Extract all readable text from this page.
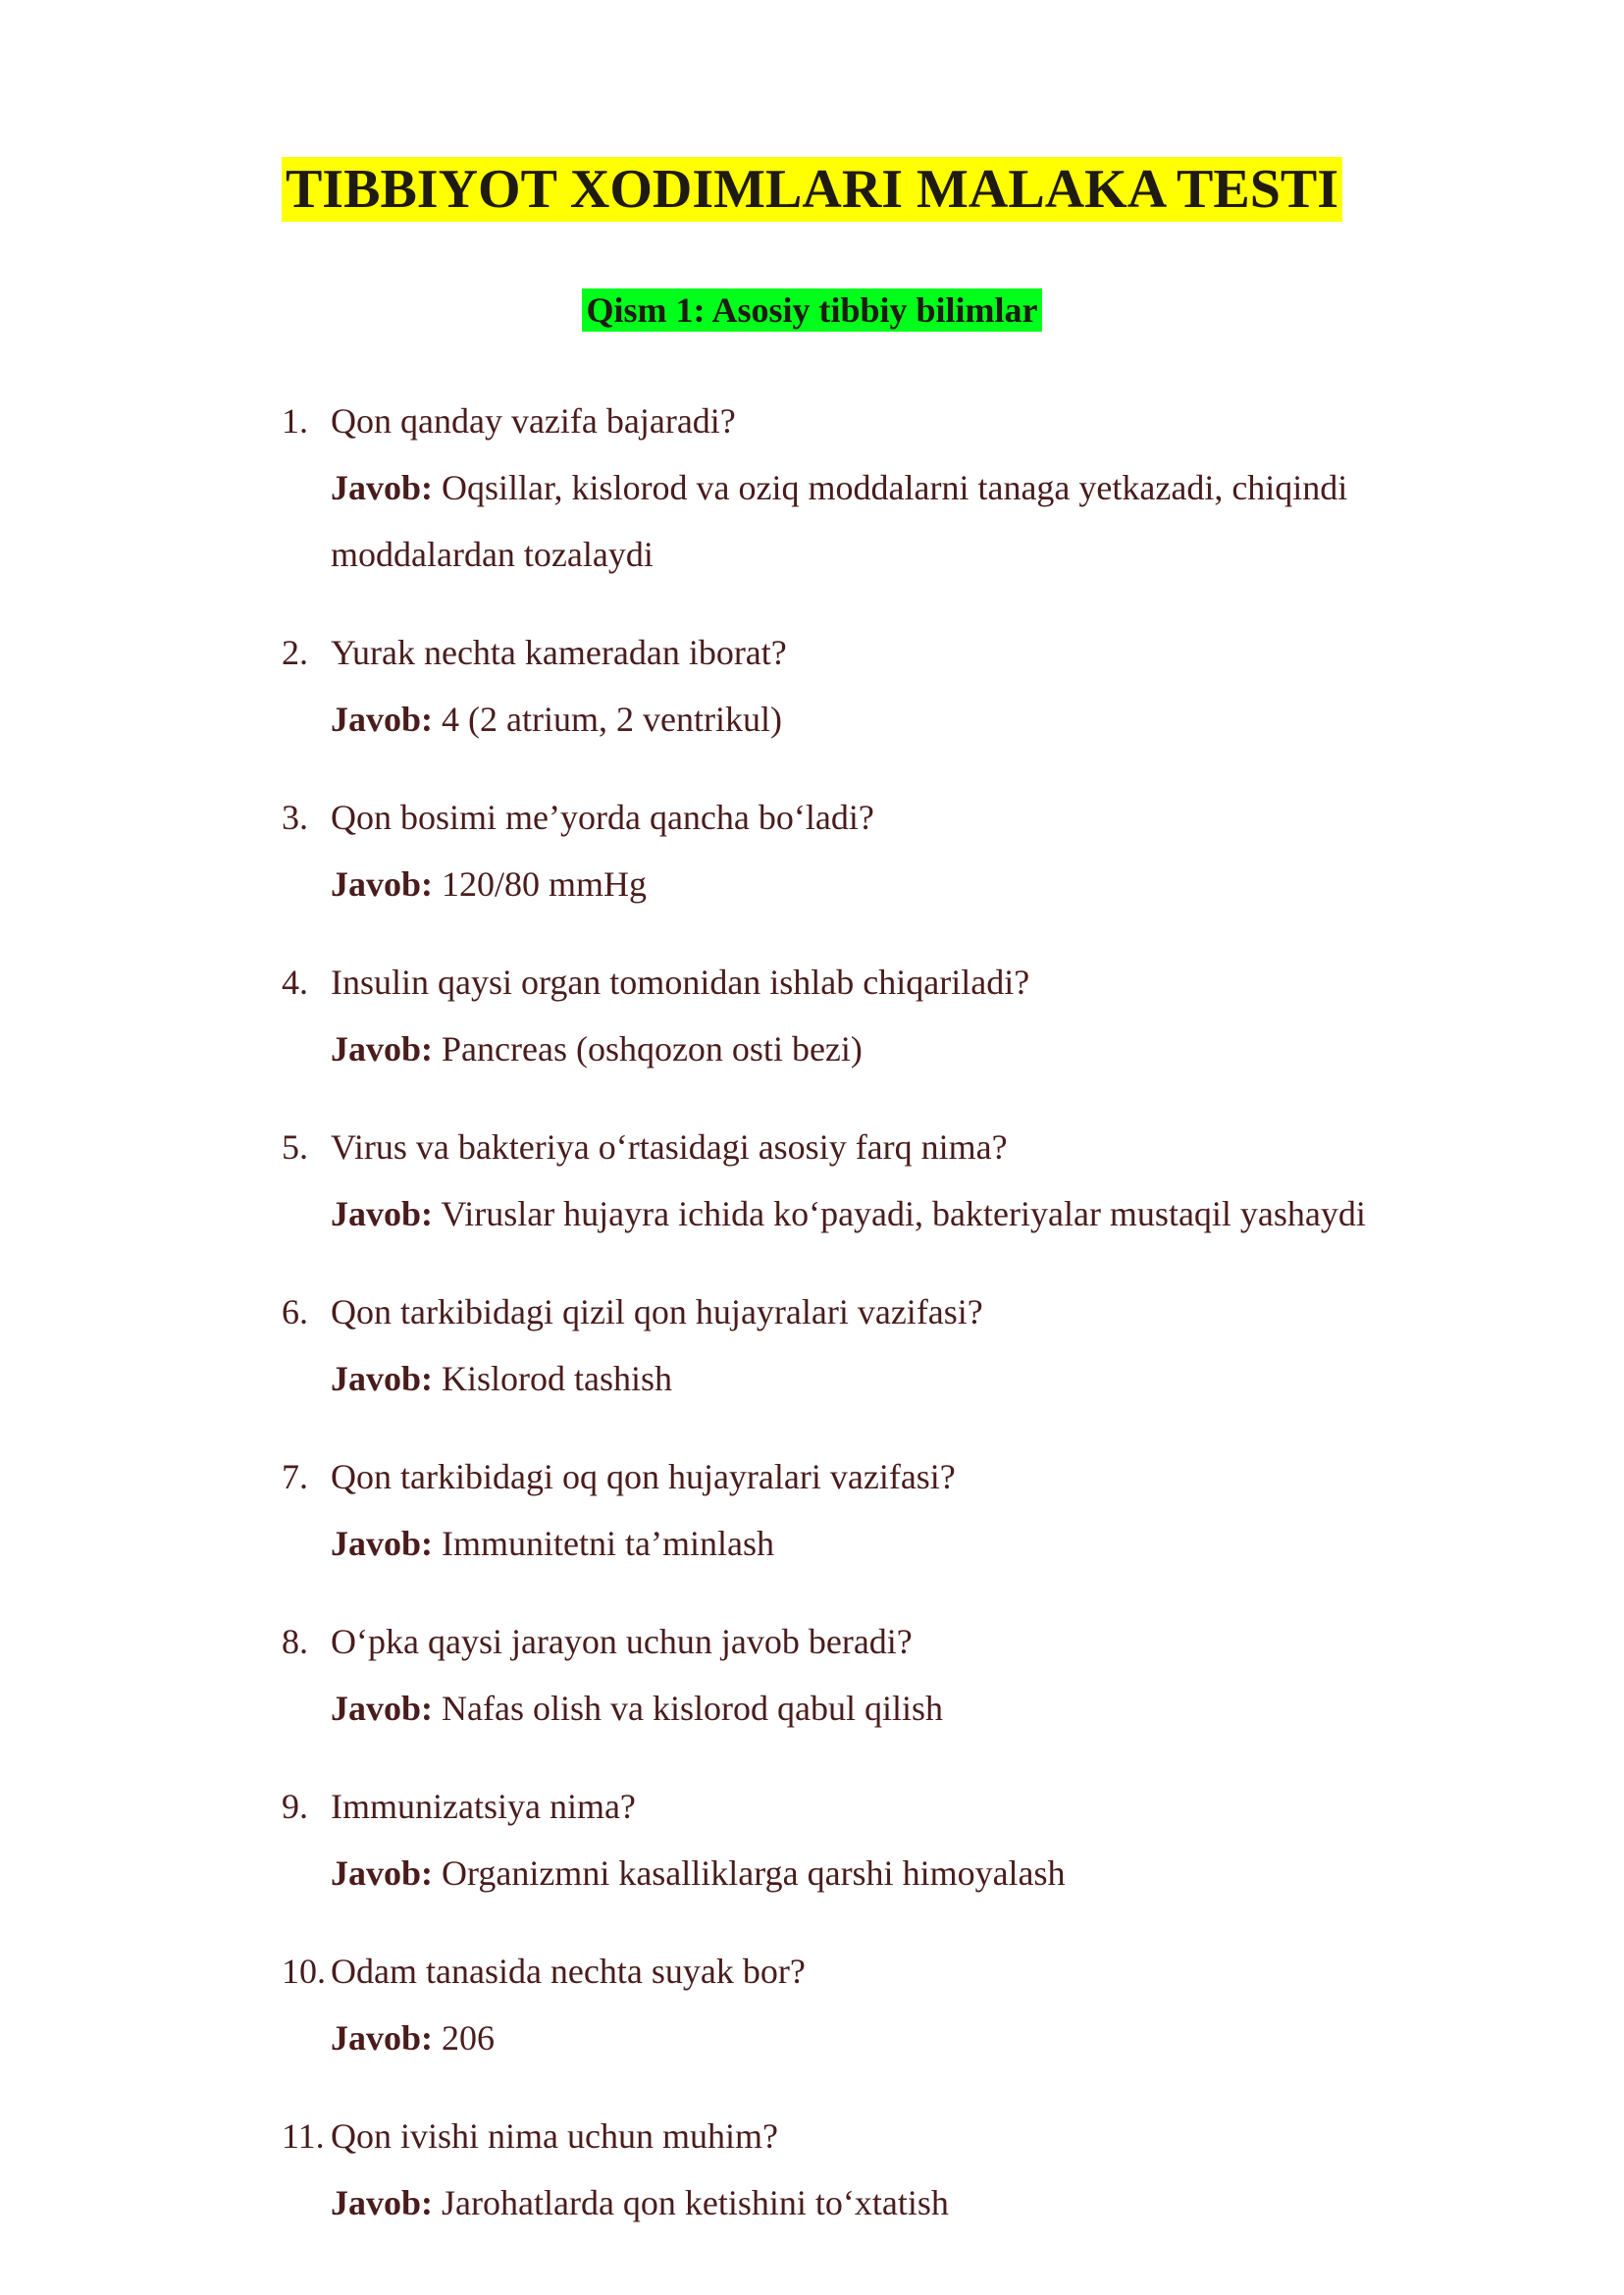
TIBBIYOT XODIMLARI MALAKA TESTI
Qism 1: Asosiy tibbiy bilimlar
1. Qon qanday vazifa bajaradi?
Javob: Oqsillar, kislorod va oziq moddalarni tanaga yetkazadi, chiqindi moddalardan tozalaydi
2. Yurak nechta kameradan iborat?
Javob: 4 (2 atrium, 2 ventrikul)
3. Qon bosimi me’yorda qancha bo‘ladi?
Javob: 120/80 mmHg
4. Insulin qaysi organ tomonidan ishlab chiqariladi?
Javob: Pancreas (oshqozon osti bezi)
5. Virus va bakteriya o‘rtasidagi asosiy farq nima?
Javob: Viruslar hujayra ichida ko‘payadi, bakteriyalar mustaqil yashaydi
6. Qon tarkibidagi qizil qon hujayralari vazifasi?
Javob: Kislorod tashish
7. Qon tarkibidagi oq qon hujayralari vazifasi?
Javob: Immunitetni ta’minlash
8. O‘pka qaysi jarayon uchun javob beradi?
Javob: Nafas olish va kislorod qabul qilish
9. Immunizatsiya nima?
Javob: Organizmni kasalliklarga qarshi himoyalash
10. Odam tanasida nechta suyak bor?
Javob: 206
11. Qon ivishi nima uchun muhim?
Javob: Jarohatlarda qon ketishini to‘xtatish
